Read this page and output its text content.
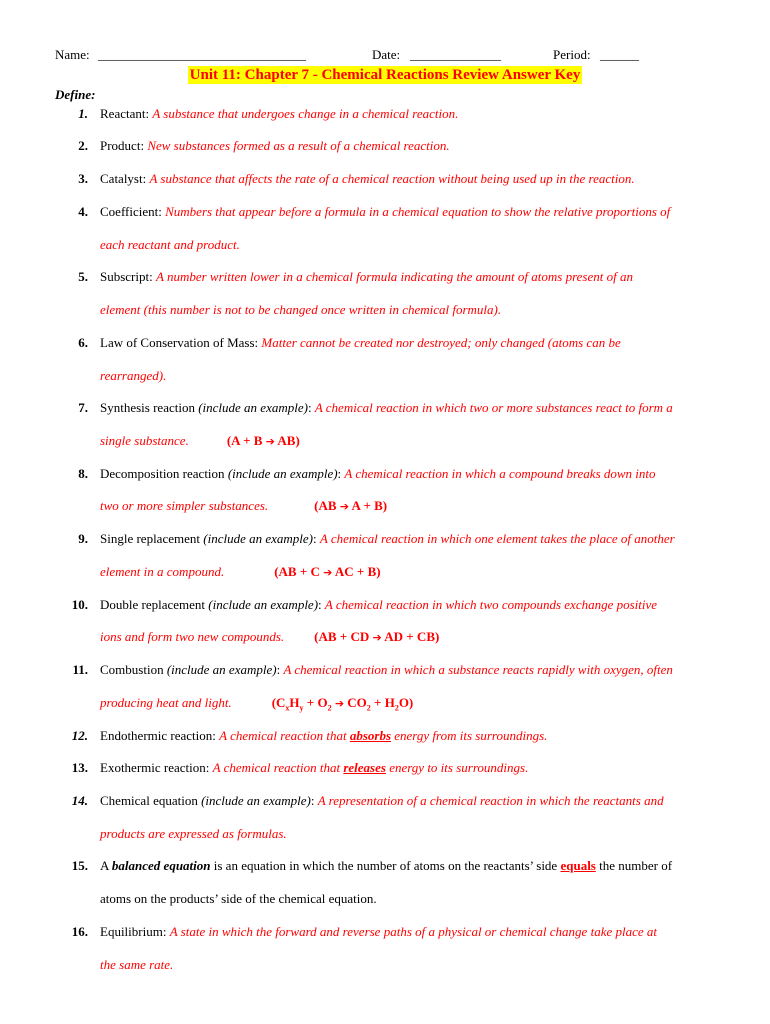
Name: ________________________________	Date: ______________	Period: ______
Unit 11: Chapter 7 - Chemical Reactions Review Answer Key
Define:
1. Reactant: A substance that undergoes change in a chemical reaction.
2. Product: New substances formed as a result of a chemical reaction.
3. Catalyst: A substance that affects the rate of a chemical reaction without being used up in the reaction.
4. Coefficient: Numbers that appear before a formula in a chemical equation to show the relative proportions of
each reactant and product.
5. Subscript: A number written lower in a chemical formula indicating the amount of atoms present of an
element (this number is not to be changed once written in chemical formula).
6. Law of Conservation of Mass: Matter cannot be created nor destroyed; only changed (atoms can be
rearranged).
7. Synthesis reaction (include an example): A chemical reaction in which two or more substances react to form a
single substance.	(A + B ➔ AB)
8. Decomposition reaction (include an example): A chemical reaction in which a compound breaks down into
two or more simpler substances.	(AB ➔ A + B)
9. Single replacement (include an example): A chemical reaction in which one element takes the place of another
element in a compound.	(AB + C ➔ AC + B)
10. Double replacement (include an example): A chemical reaction in which two compounds exchange positive
ions and form two new compounds. (AB + CD ➔ AD + CB)
11. Combustion (include an example): A chemical reaction in which a substance reacts rapidly with oxygen, often
producing heat and light.	($C_xH_y + O_2$ ➔ $CO_2 + H_2O$)
12. Endothermic reaction: A chemical reaction that absorbs energy from its surroundings.
13. Exothermic reaction: A chemical reaction that releases energy to its surroundings.
14. Chemical equation (include an example): A representation of a chemical reaction in which the reactants and
products are expressed as formulas.
15. A balanced equation is an equation in which the number of atoms on the reactants’ side equals the number of
atoms on the products’ side of the chemical equation.
16. Equilibrium: A state in which the forward and reverse paths of a physical or chemical change take place at
the same rate.
